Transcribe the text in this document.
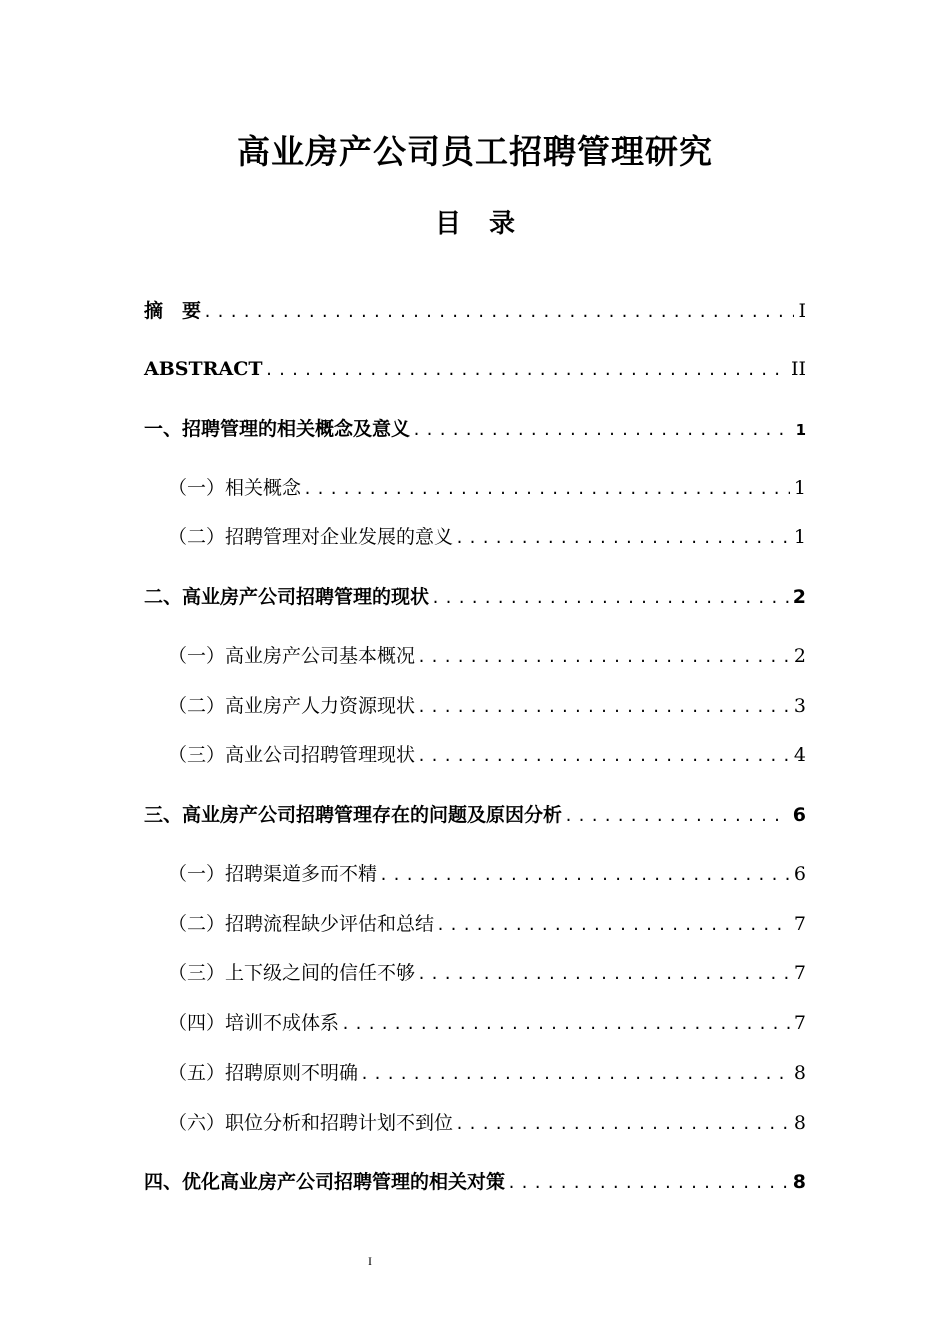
高业房产公司员工招聘管理研究
目录
摘　要 .....	I
ABSTRACT .....	II
一、招聘管理的相关概念及意义 .....	1
（一）相关概念 .....	1
（二）招聘管理对企业发展的意义 .....	1
二、高业房产公司招聘管理的现状 .....	2
（一）高业房产公司基本概况 .....	2
（二）高业房产人力资源现状 .....	3
（三）高业公司招聘管理现状 .....	4
三、高业房产公司招聘管理存在的问题及原因分析 .....	6
（一）招聘渠道多而不精 .....	6
（二）招聘流程缺少评估和总结 .....	7
（三）上下级之间的信任不够 .....	7
（四）培训不成体系 .....	7
（五）招聘原则不明确 .....	8
（六）职位分析和招聘计划不到位 .....	8
四、优化高业房产公司招聘管理的相关对策 .....	8
I
